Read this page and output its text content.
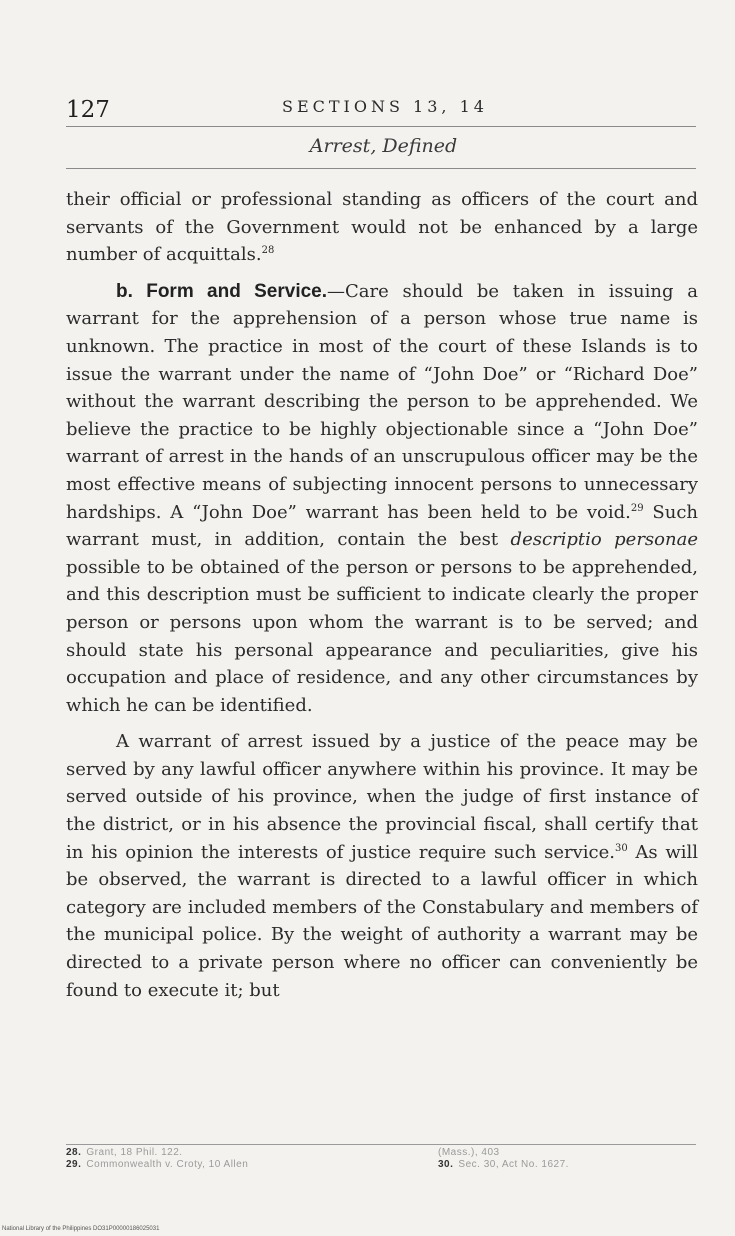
127	SECTIONS 13, 14
Arrest, Defined

their official or professional standing as officers of the court and servants of the Government would not be enhanced by a large number of acquittals.$^{28}$

b. Form and Service.—Care should be taken in issuing a warrant for the apprehension of a person whose true name is unknown. The practice in most of the court of these Islands is to issue the warrant under the name of “John Doe” or “Richard Doe” without the warrant describing the person to be apprehended. We believe the practice to be highly objectionable since a “John Doe” warrant of arrest in the hands of an unscrupulous officer may be the most effective means of subjecting innocent persons to unnecessary hardships. A “John Doe” warrant has been held to be void.$^{29}$ Such warrant must, in addition, contain the best descriptio personae possible to be obtained of the person or persons to be apprehended, and this description must be sufficient to indicate clearly the proper person or persons upon whom the warrant is to be served; and should state his personal appearance and peculiarities, give his occupation and place of residence, and any other circumstances by which he can be identified.

A warrant of arrest issued by a justice of the peace may be served by any lawful officer anywhere within his province. It may be served outside of his province, when the judge of first instance of the district, or in his absence the provincial fiscal, shall certify that in his opinion the interests of justice require such service.$^{30}$ As will be observed, the warrant is directed to a lawful officer in which category are included members of the Constabulary and members of the municipal police. By the weight of authority a warrant may be directed to a private person where no officer can conveniently be found to execute it; but

28. Grant, 18 Phil. 122.	(Mass.), 403
29. Commonwealth v. Croty, 10 Allen	30. Sec. 30, Act No. 1627.
National Library of the Philippines DO31P00000186025031
